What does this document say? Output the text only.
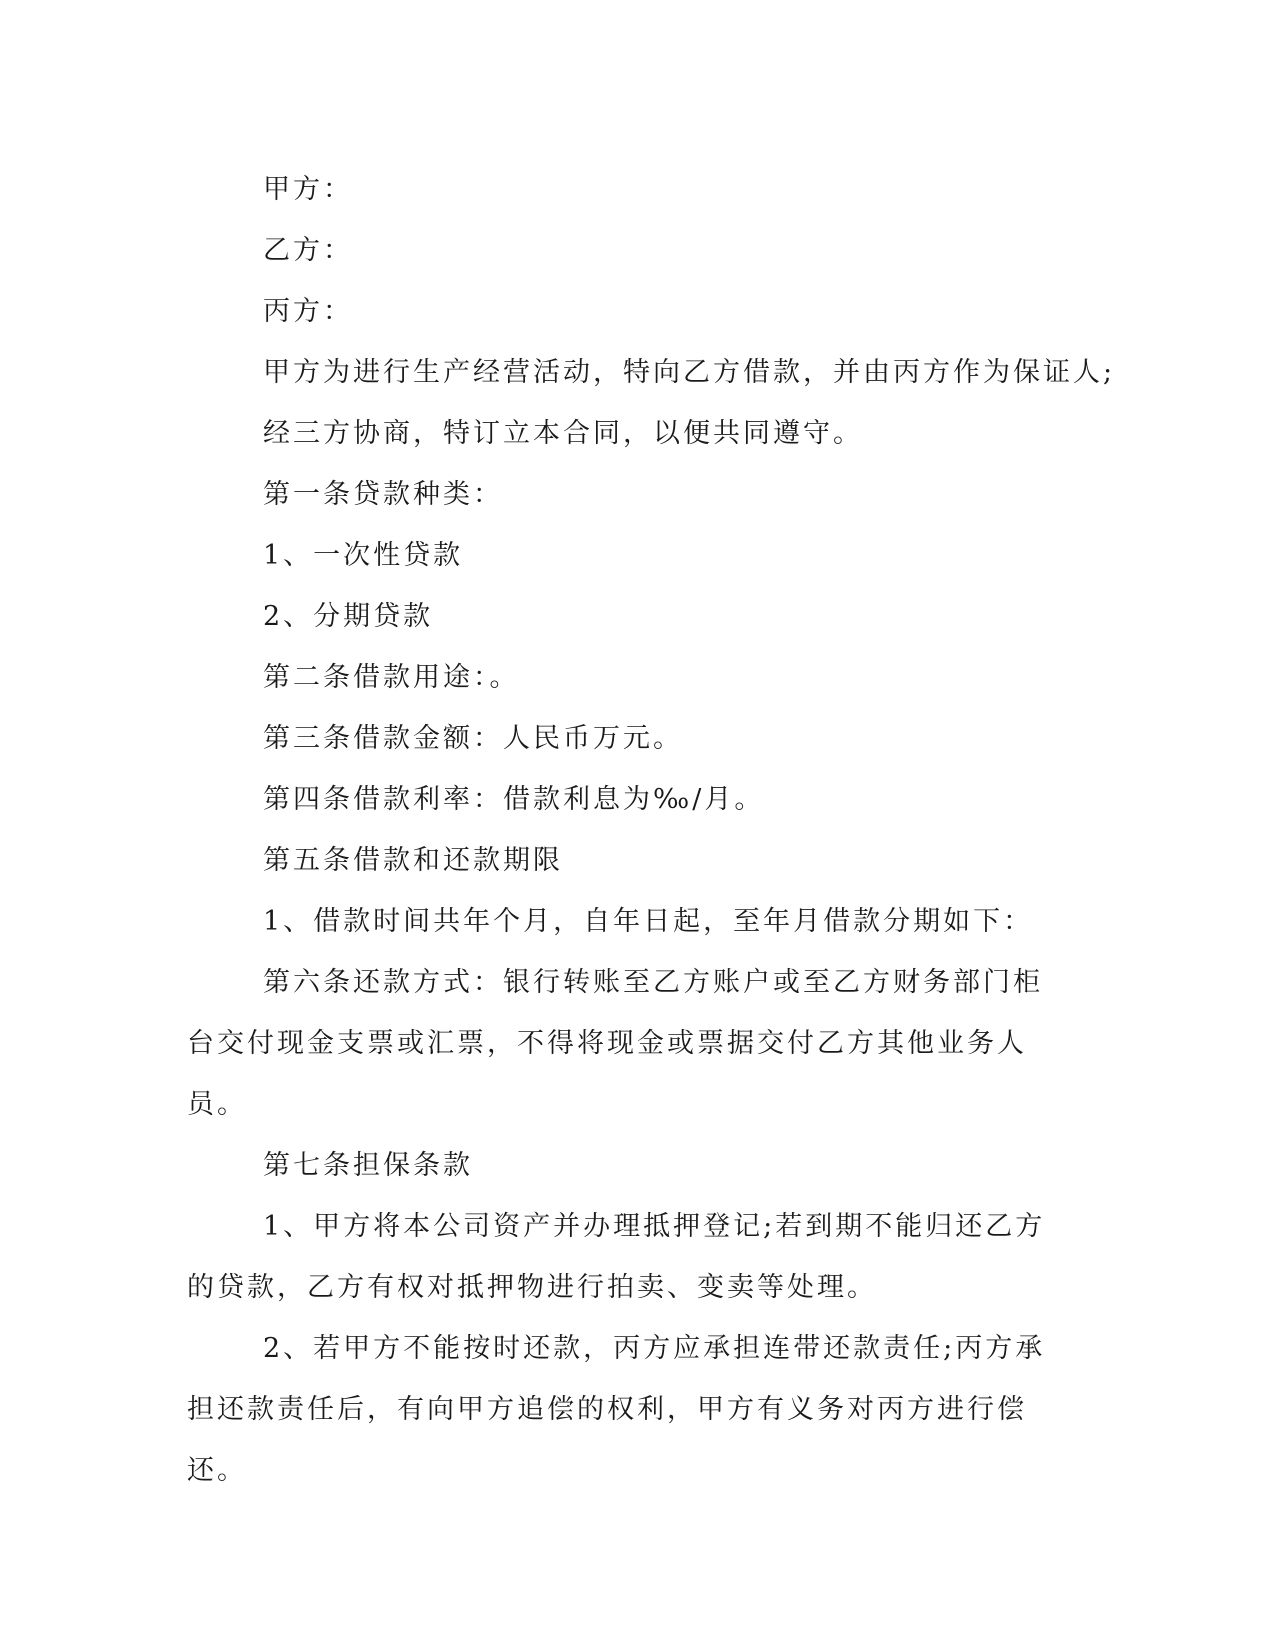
甲方：

乙方：

丙方：

甲方为进行生产经营活动，特向乙方借款，并由丙方作为保证人;

经三方协商，特订立本合同，以便共同遵守。

第一条贷款种类：

1、一次性贷款

2、分期贷款

第二条借款用途：。

第三条借款金额：人民币万元。

第四条借款利率：借款利息为‰/月。

第五条借款和还款期限

1、借款时间共年个月，自年日起，至年月借款分期如下：

第六条还款方式：银行转账至乙方账户或至乙方财务部门柜台交付现金支票或汇票，不得将现金或票据交付乙方其他业务人员。

第七条担保条款

1、甲方将本公司资产并办理抵押登记;若到期不能归还乙方的贷款，乙方有权对抵押物进行拍卖、变卖等处理。

2、若甲方不能按时还款，丙方应承担连带还款责任;丙方承担还款责任后，有向甲方追偿的权利，甲方有义务对丙方进行偿还。
